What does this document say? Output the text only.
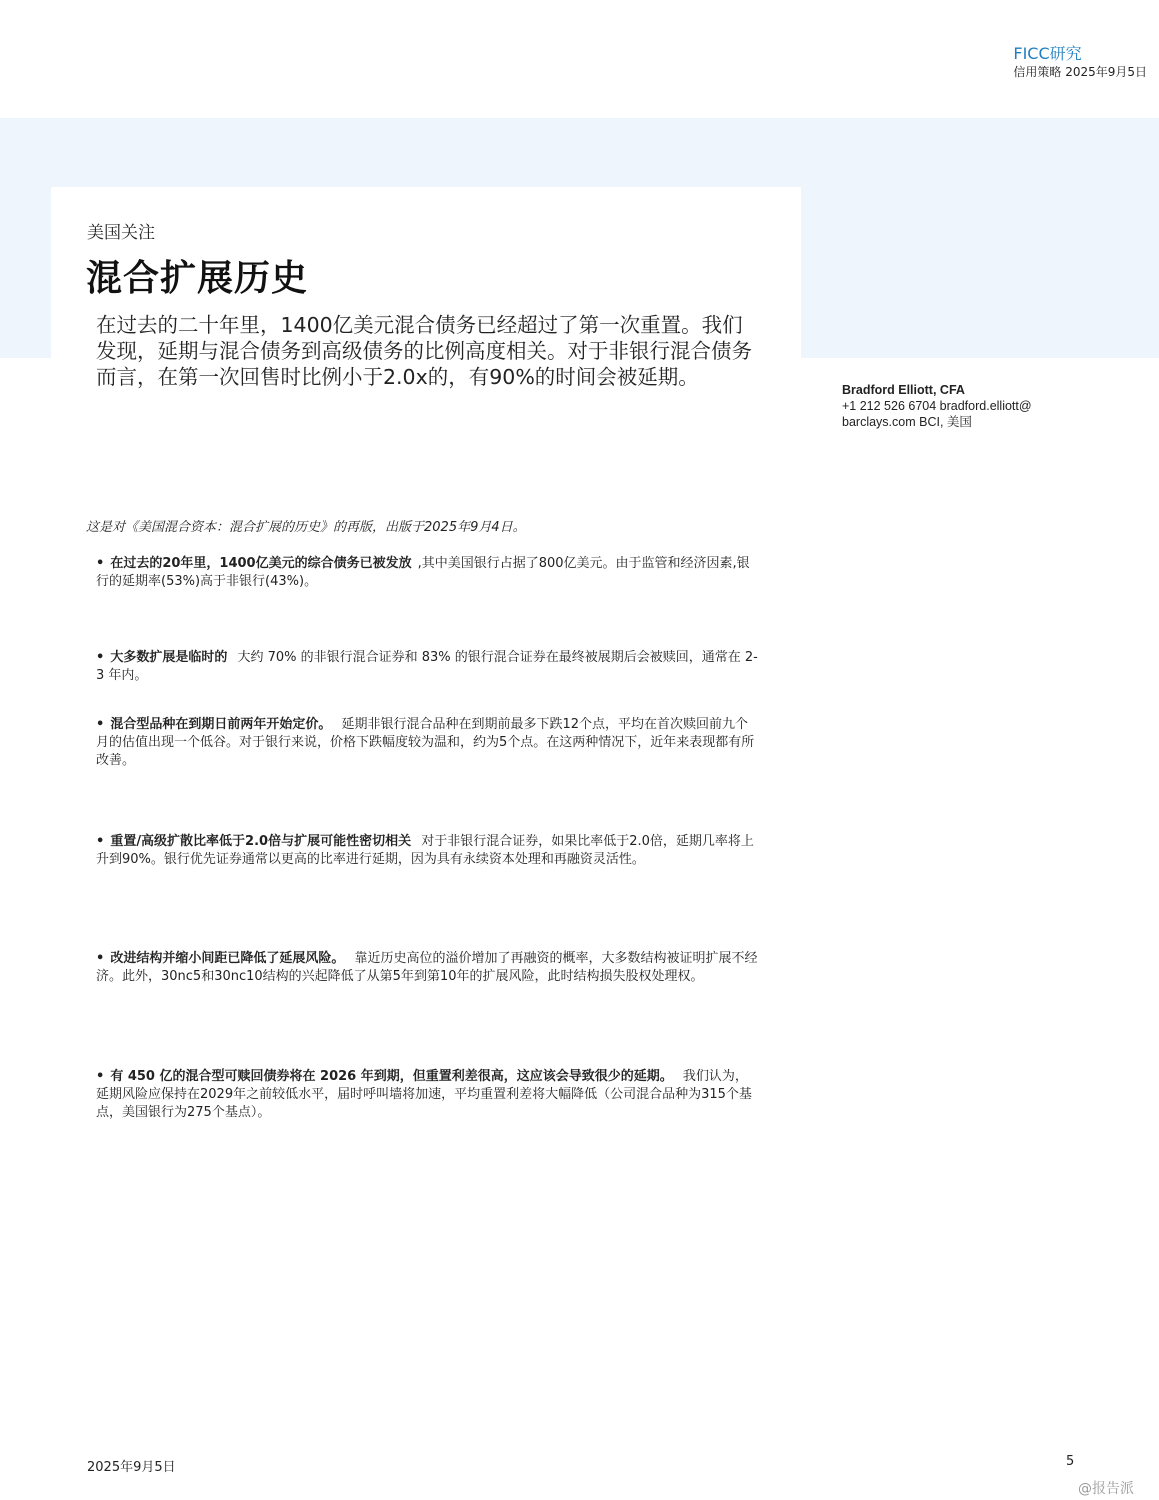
FICC研究
信用策略 2025年9月5日
美国关注
混合扩展历史
在过去的二十年里，1400亿美元混合债务已经超过了第一次重置。我们发现，延期与混合债务到高级债务的比例高度相关。对于非银行混合债务而言，在第一次回售时比例小于2.0x的，有90%的时间会被延期。
Bradford Elliott, CFA
+1 212 526 6704 bradford.elliott@barclays.com BCI, 美国
这是对《美国混合资本：混合扩展的历史》的再版，出版于2025年9月4日。
• 在过去的20年里，1400亿美元的综合债务已被发放 ,其中美国银行占据了800亿美元。由于监管和经济因素,银行的延期率(53%)高于非银行(43%)。
• 大多数扩展是临时的 大约 70% 的非银行混合证券和 83% 的银行混合证券在最终被展期后会被赎回，通常在 2-3 年内。
• 混合型品种在到期日前两年开始定价。 延期非银行混合品种在到期前最多下跌12个点，平均在首次赎回前九个月的估值出现一个低谷。对于银行来说，价格下跌幅度较为温和，约为5个点。在这两种情况下，近年来表现都有所改善。
• 重置/高级扩散比率低于2.0倍与扩展可能性密切相关 对于非银行混合证券，如果比率低于2.0倍，延期几率将上升到90%。银行优先证券通常以更高的比率进行延期，因为具有永续资本处理和再融资灵活性。
• 改进结构并缩小间距已降低了延展风险。 靠近历史高位的溢价增加了再融资的概率，大多数结构被证明扩展不经济。此外，30nc5和30nc10结构的兴起降低了从第5年到第10年的扩展风险，此时结构损失股权处理权。
• 有 450 亿的混合型可赎回债券将在 2026 年到期，但重置利差很高，这应该会导致很少的延期。 我们认为，延期风险应保持在2029年之前较低水平，届时呼叫墙将加速，平均重置利差将大幅降低（公司混合品种为315个基点，美国银行为275个基点）。
2025年9月5日	5
@报告派
